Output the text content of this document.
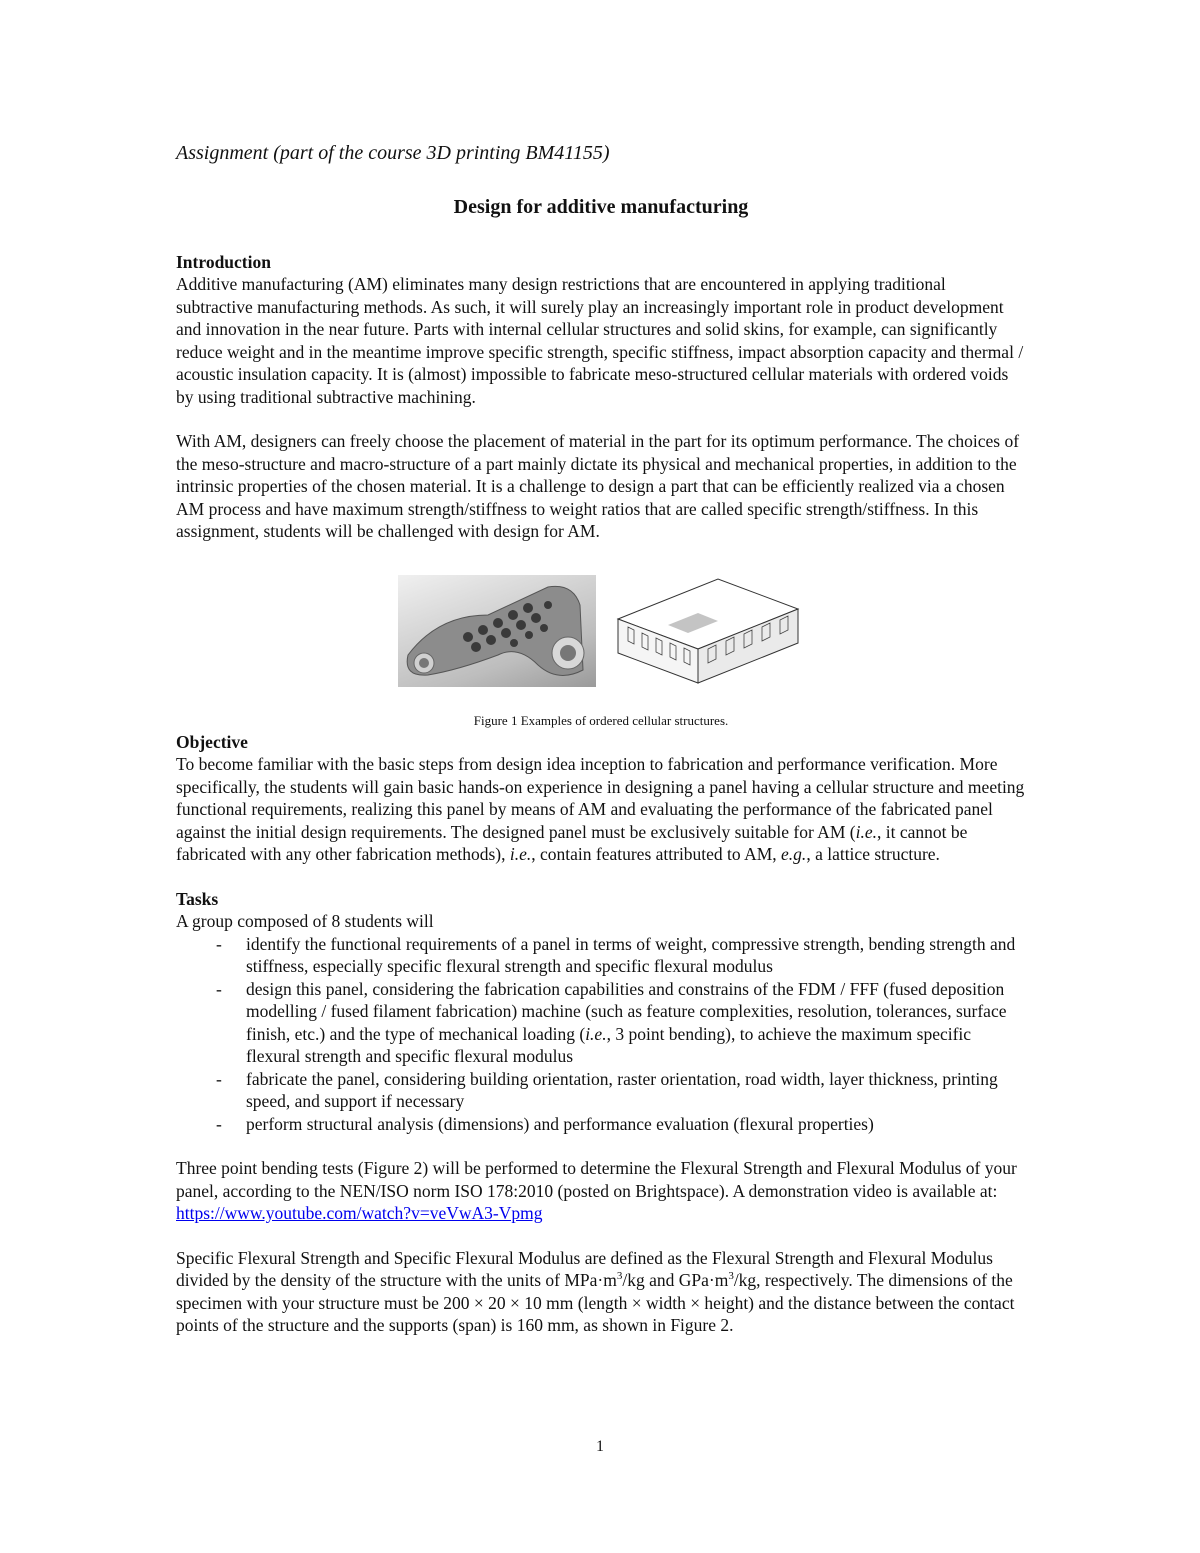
Assignment (part of the course 3D printing BM41155)

Design for additive manufacturing

Introduction

Additive manufacturing (AM) eliminates many design restrictions that are encountered in applying traditional subtractive manufacturing methods. As such, it will surely play an increasingly important role in product development and innovation in the near future. Parts with internal cellular structures and solid skins, for example, can significantly reduce weight and in the meantime improve specific strength, specific stiffness, impact absorption capacity and thermal / acoustic insulation capacity. It is (almost) impossible to fabricate meso-structured cellular materials with ordered voids by using traditional subtractive machining.

With AM, designers can freely choose the placement of material in the part for its optimum performance. The choices of the meso-structure and macro-structure of a part mainly dictate its physical and mechanical properties, in addition to the intrinsic properties of the chosen material. It is a challenge to design a part that can be efficiently realized via a chosen AM process and have maximum strength/stiffness to weight ratios that are called specific strength/stiffness. In this assignment, students will be challenged with design for AM.

Figure 1 Examples of ordered cellular structures.

Objective

To become familiar with the basic steps from design idea inception to fabrication and performance verification. More specifically, the students will gain basic hands-on experience in designing a panel having a cellular structure and meeting functional requirements, realizing this panel by means of AM and evaluating the performance of the fabricated panel against the initial design requirements. The designed panel must be exclusively suitable for AM (i.e., it cannot be fabricated with any other fabrication methods), i.e., contain features attributed to AM, e.g., a lattice structure.

Tasks

A group composed of 8 students will

- identify the functional requirements of a panel in terms of weight, compressive strength, bending strength and stiffness, especially specific flexural strength and specific flexural modulus
- design this panel, considering the fabrication capabilities and constrains of the FDM / FFF (fused deposition modelling / fused filament fabrication) machine (such as feature complexities, resolution, tolerances, surface finish, etc.) and the type of mechanical loading (i.e., 3 point bending), to achieve the maximum specific flexural strength and specific flexural modulus
- fabricate the panel, considering building orientation, raster orientation, road width, layer thickness, printing speed, and support if necessary
- perform structural analysis (dimensions) and performance evaluation (flexural properties)

Three point bending tests (Figure 2) will be performed to determine the Flexural Strength and Flexural Modulus of your panel, according to the NEN/ISO norm ISO 178:2010 (posted on Brightspace). A demonstration video is available at: https://www.youtube.com/watch?v=veVwA3-Vpmg

Specific Flexural Strength and Specific Flexural Modulus are defined as the Flexural Strength and Flexural Modulus divided by the density of the structure with the units of $MPa\cdot m^3/kg$ and $GPa\cdot m^3/kg$, respectively. The dimensions of the specimen with your structure must be 200 × 20 × 10 mm (length × width × height) and the distance between the contact points of the structure and the supports (span) is 160 mm, as shown in Figure 2.

1
